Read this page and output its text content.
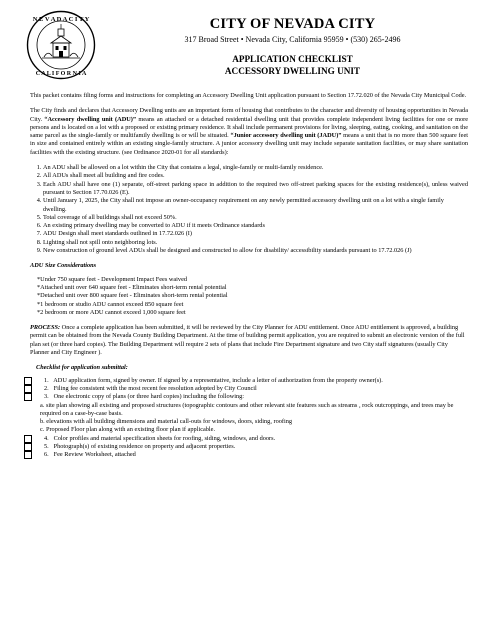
N E V A D A C I T Y
C A L I F O R N I A
CITY OF NEVADA CITY
317 Broad Street • Nevada City, California 95959 • (530) 265-2496
APPLICATION CHECKLIST
ACCESSORY DWELLING UNIT

This packet contains filing forms and instructions for completing an Accessory Dwelling Unit application pursuant to Section 17.72.020 of the Nevada City Municipal Code.

The City finds and declares that Accessory Dwelling units are an important form of housing that contributes to the character and diversity of housing opportunities in Nevada City. “Accessory dwelling unit (ADU)” means an attached or a detached residential dwelling unit that provides complete independent living facilities for one or more persons and is located on a lot with a proposed or existing primary residence. It shall include permanent provisions for living, sleeping, eating, cooking, and sanitation on the same parcel as the single-family or multifamily dwelling is or will be situated. “Junior accessory dwelling unit (JADU)” means a unit that is no more than 500 square feet in size and contained entirely within an existing single-family structure. A junior accessory dwelling unit may include separate sanitation facilities, or may share sanitation facilities with the existing structure. (see Ordinance 2020-01 for all standards):

1. An ADU shall be allowed on a lot within the City that contains a legal, single-family or multi-family residence.
2. All ADUs shall meet all building and fire codes.
3. Each ADU shall have one (1) separate, off-street parking space in addition to the required two off-street parking spaces for the existing residence(s), unless waived pursuant to Section 17.70.026 (E).
4. Until January 1, 2025, the City shall not impose an owner-occupancy requirement on any newly permitted accessory dwelling unit on a lot with a single family dwelling.
5. Total coverage of all buildings shall not exceed 50%.
6. An existing primary dwelling may be converted to ADU if it meets Ordinance standards
7. ADU Design shall meet standards outlined in 17.72.026 (I)
8. Lighting shall not spill onto neighboring lots.
9. New construction of ground level ADUs shall be designed and constructed to allow for disability/ accessibility standards pursuant to 17.72.026 (J)
ADU Size Considerations
*Under 750 square feet - Development Impact Fees waived
*Attached unit over 640 square feet - Eliminates short-term rental potential
*Detached unit over 800 square feet - Eliminates short-term rental potential
*1 bedroom or studio ADU cannot exceed 850 square feet
*2 bedroom or more ADU cannot exceed 1,000 square feet

PROCESS: Once a complete application has been submitted, it will be reviewed by the City Planner for ADU entitlement. Once ADU entitlement is approved, a building permit can be obtained from the Nevada County Building Department. At the time of building permit application, you are required to submit an electronic version of the full plan set (or three hard copies). The Building Department will require 2 sets of plans that include Fire Department signature and two City staff signatures (usually City Planner and City Engineer ).

Checklist for application submittal:
1. ADU application form, signed by owner. If signed by a representative, include a letter of authorization from the property owner(s).
2. Filing fee consistent with the most recent fee resolution adopted by City Council
3. One electronic copy of plans (or three hard copies) including the following:
a. site plan showing all existing and proposed structures (topographic contours and other relevant site features such as streams , rock outcroppings, and trees may be required on a case-by-case basis.
b. elevations with all building dimensions and material call-outs for windows, doors, siding, roofing
c. Proposed Floor plan along with an existing floor plan if applicable.
4. Color profiles and material specification sheets for roofing, siding, windows, and doors.
5. Photograph(s) of existing residence on property and adjacent properties.
6. Fee Review Worksheet, attached
